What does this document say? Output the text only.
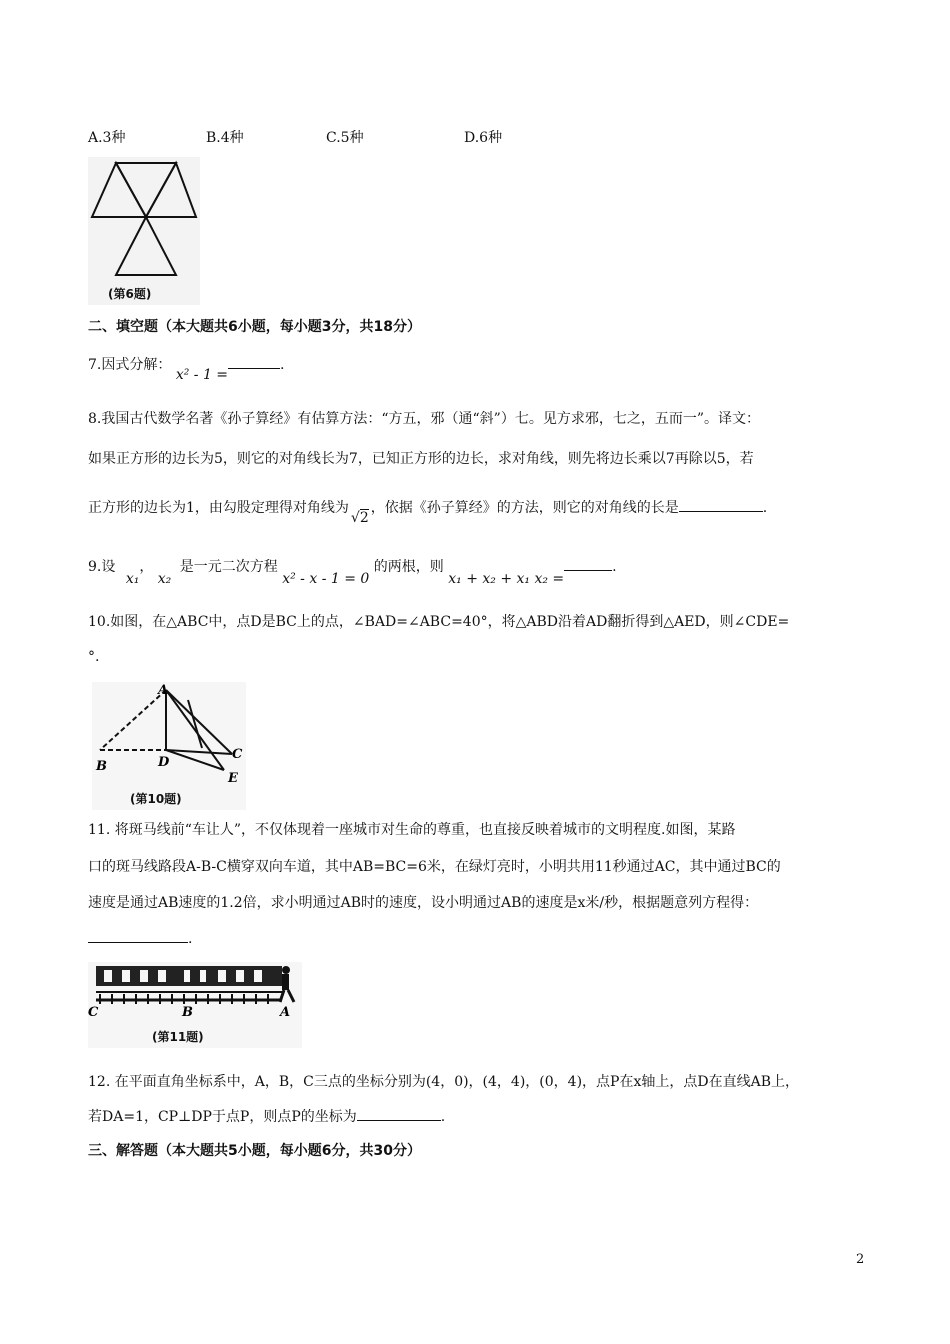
A.3种	B.4种	C.5种	D.6种
(第6题)
二、填空题（本大题共6小题，每小题3分，共18分）
7.因式分解： x² - 1 =.
8.我国古代数学名著《孙子算经》有估算方法：“方五，邪（通“斜”）七。见方求邪，七之，五而一”。译文：
如果正方形的边长为5，则它的对角线长为7，已知正方形的边长，求对角线，则先将边长乘以7再除以5，若
正方形的边长为1，由勾股定理得对角线为√2，依据《孙子算经》的方法，则它的对角线的长是	.
9.设 x₁， x₂ 是一元二次方程 x² - x - 1 = 0 的两根，则 x₁ + x₂ + x₁ x₂ =.
10.如图，在△ABC中，点D是BC上的点，∠BAD=∠ABC=40°，将△ABD沿着AD翻折得到△AED，则∠CDE=
°.
A
B
C
D
E
(第10题)
11. 将斑马线前“车让人”，不仅体现着一座城市对生命的尊重，也直接反映着城市的文明程度.如图，某路
口的斑马线路段A-B-C横穿双向车道，其中AB=BC=6米，在绿灯亮时，小明共用11秒通过AC，其中通过BC的
速度是通过AB速度的1.2倍，求小明通过AB时的速度，设小明通过AB的速度是x米/秒，根据题意列方程得：
.
C	B	A
(第11题)
12. 在平面直角坐标系中，A，B，C三点的坐标分别为(4，0)，(4，4)，(0，4)，点P在x轴上，点D在直线AB上，
若DA=1，CP⊥DP于点P，则点P的坐标为	.
三、解答题（本大题共5小题，每小题6分，共30分）
2
